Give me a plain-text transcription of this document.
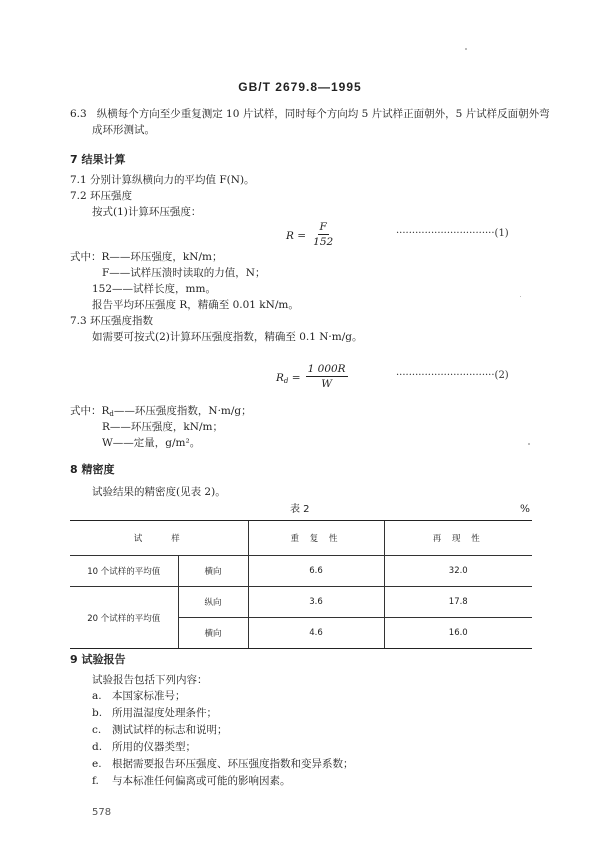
GB/T 2679.8—1995
6.3 纵横每个方向至少重复测定 10 片试样，同时每个方向均 5 片试样正面朝外，5 片试样反面朝外弯
成环形测试。
7 结果计算
7.1 分别计算纵横向力的平均值 F(N)。
7.2 环压强度
按式(1)计算环压强度：
$R = \frac{F}{152}$	·······························(1)
式中：R——环压强度，kN/m；
F——试样压溃时读取的力值，N；
152——试样长度，mm。
报告平均环压强度 R，精确至 0.01 kN/m。
7.3 环压强度指数
如需要可按式(2)计算环压强度指数，精确至 0.1 N·m/g。
$R_d = \frac{1 000R}{W}$	·······························(2)
式中：$R_d——$环压强度指数，N·m/g；
R——环压强度，kN/m；
W——定量，g/m²。
8 精密度
试验结果的精密度(见表 2)。
表 2	%
试　　样		重 复 性	再 现 性
10 个试样的平均值	横向	6.6	32.0
20 个试样的平均值	纵向	3.6	17.8
	横向	4.6	16.0
9 试验报告
试验报告包括下列内容：
a. 本国家标准号；
b. 所用温湿度处理条件；
c. 测试试样的标志和说明；
d. 所用的仪器类型；
e. 根据需要报告环压强度、环压强度指数和变异系数；
f. 与本标准任何偏离或可能的影响因素。
578
